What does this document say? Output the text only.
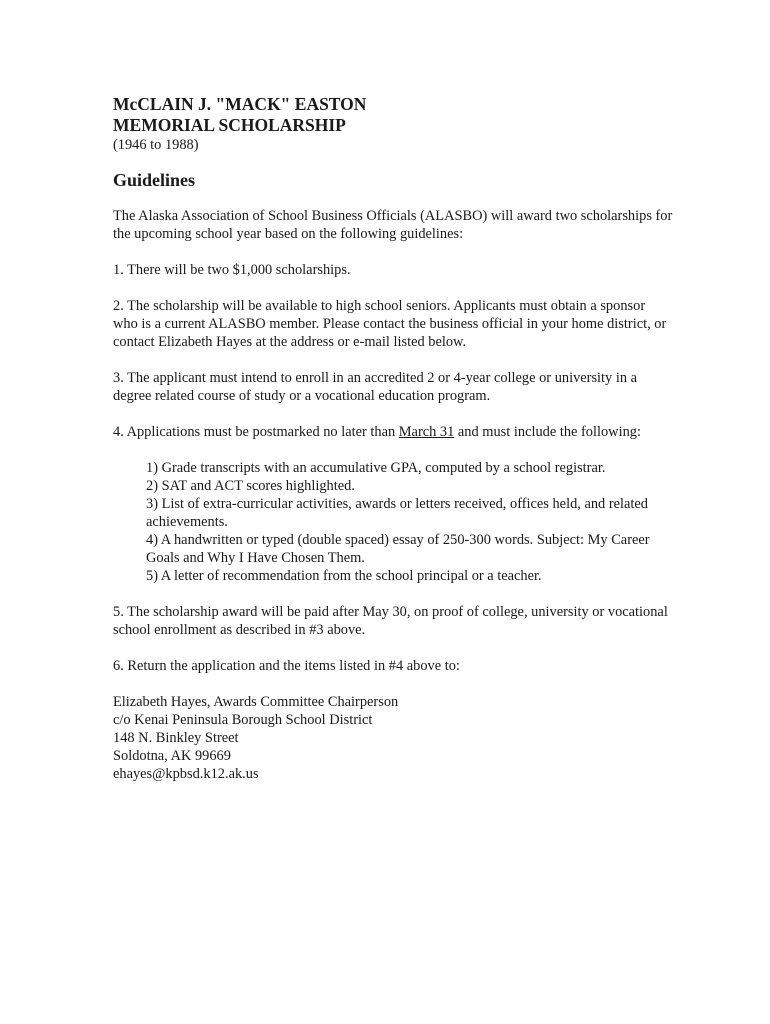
McCLAIN J. "MACK" EASTON

MEMORIAL SCHOLARSHIP

(1946 to 1988)

Guidelines

The Alaska Association of School Business Officials (ALASBO) will award two scholarships for the upcoming school year based on the following guidelines:

1. There will be two $1,000 scholarships.

2. The scholarship will be available to high school seniors. Applicants must obtain a sponsor who is a current ALASBO member. Please contact the business official in your home district, or contact Elizabeth Hayes at the address or e-mail listed below.

3. The applicant must intend to enroll in an accredited 2 or 4-year college or university in a degree related course of study or a vocational education program.

4. Applications must be postmarked no later than March 31 and must include the following:

1) Grade transcripts with an accumulative GPA, computed by a school registrar.

2) SAT and ACT scores highlighted.

3) List of extra-curricular activities, awards or letters received, offices held, and related achievements.

4) A handwritten or typed (double spaced) essay of 250-300 words. Subject: My Career Goals and Why I Have Chosen Them.

5) A letter of recommendation from the school principal or a teacher.

5. The scholarship award will be paid after May 30, on proof of college, university or vocational school enrollment as described in #3 above.

6. Return the application and the items listed in #4 above to:

Elizabeth Hayes, Awards Committee Chairperson
c/o Kenai Peninsula Borough School District
148 N. Binkley Street
Soldotna, AK 99669
ehayes@kpbsd.k12.ak.us
